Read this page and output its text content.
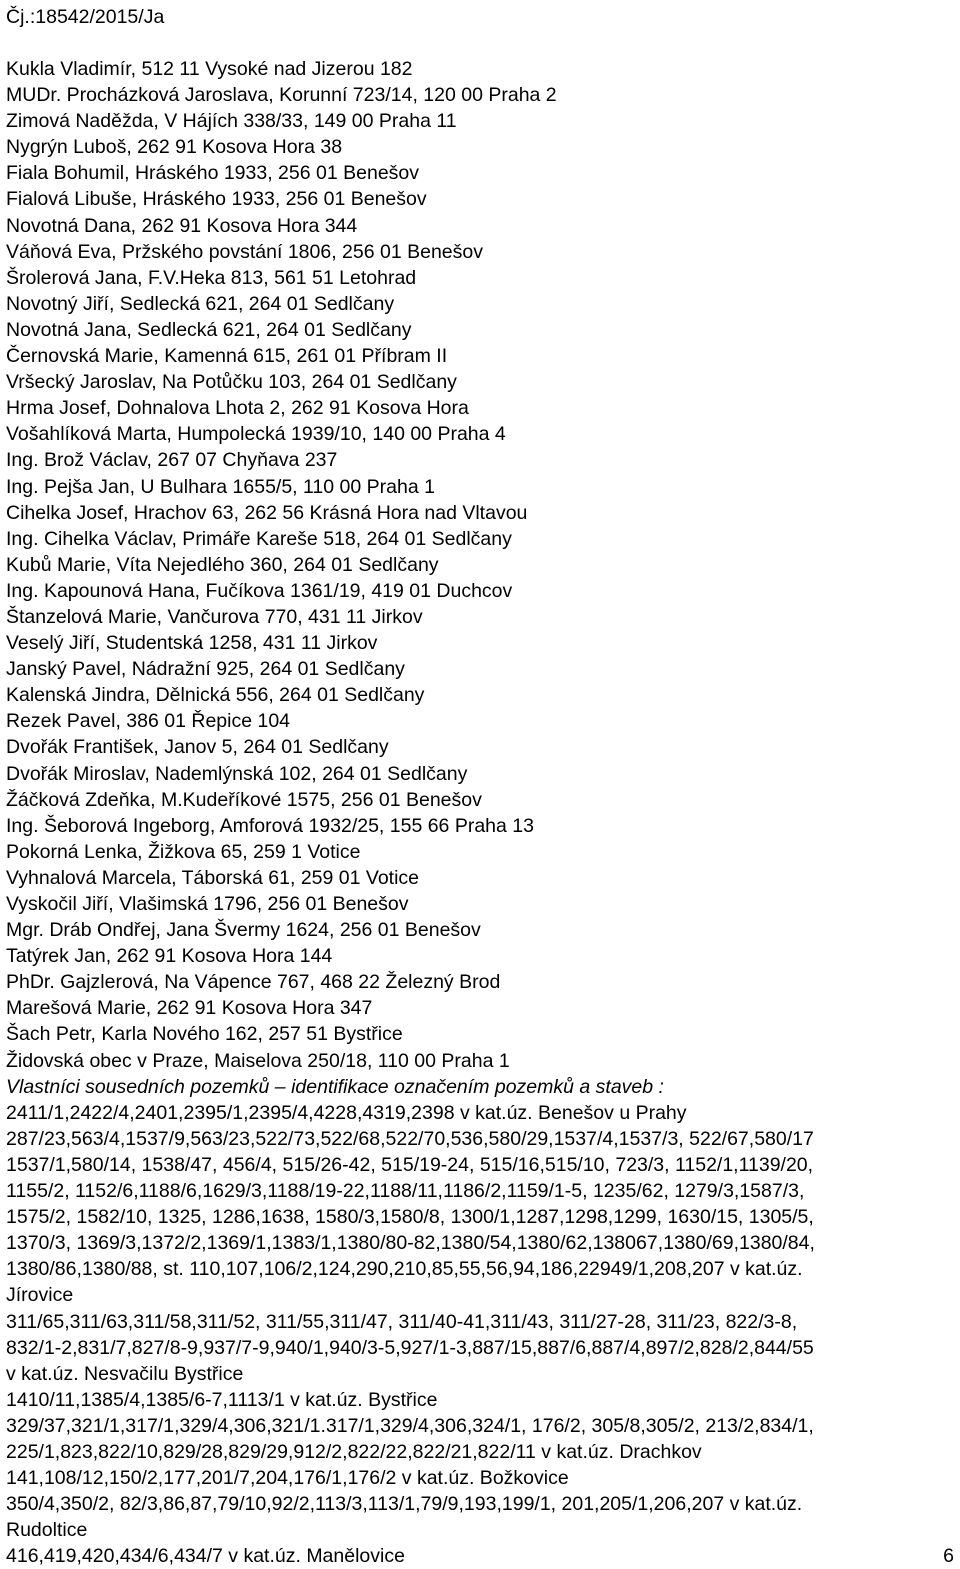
Čj.:18542/2015/Ja
Kukla Vladimír, 512 11 Vysoké nad Jizerou 182
MUDr. Procházková Jaroslava, Korunní 723/14, 120 00 Praha 2
Zimová Naděžda, V Hájích 338/33, 149 00 Praha 11
Nygrýn Luboš, 262 91 Kosova Hora 38
Fiala Bohumil, Hráského 1933, 256 01 Benešov
Fialová Libuše, Hráského 1933, 256 01 Benešov
Novotná Dana, 262 91 Kosova Hora 344
Váňová Eva, Pržského povstání 1806, 256 01 Benešov
Šrolerová Jana, F.V.Heka 813, 561 51 Letohrad
Novotný Jiří, Sedlecká 621, 264 01 Sedlčany
Novotná Jana, Sedlecká 621, 264 01 Sedlčany
Černovská Marie, Kamenná 615, 261 01 Příbram II
Vršecký Jaroslav, Na Potůčku 103, 264 01 Sedlčany
Hrma Josef, Dohnalova Lhota 2, 262 91 Kosova Hora
Vošahlíková Marta, Humpolecká 1939/10, 140 00 Praha 4
Ing. Brož Václav, 267 07 Chyňava 237
Ing. Pejša Jan, U Bulhara 1655/5, 110 00 Praha 1
Cihelka Josef, Hrachov 63, 262 56 Krásná Hora nad Vltavou
Ing. Cihelka Václav, Primáře Kareše 518, 264 01 Sedlčany
Kubů Marie, Víta Nejedlého 360, 264 01 Sedlčany
Ing. Kapounová Hana, Fučíkova 1361/19, 419 01 Duchcov
Štanzelová Marie, Vančurova 770, 431 11 Jirkov
Veselý Jiří, Studentská 1258, 431 11 Jirkov
Janský Pavel, Nádražní 925, 264 01 Sedlčany
Kalenská Jindra, Dělnická 556, 264 01 Sedlčany
Rezek Pavel, 386 01 Řepice 104
Dvořák František, Janov 5, 264 01 Sedlčany
Dvořák Miroslav, Nademlýnská 102, 264 01 Sedlčany
Žáčková Zdeňka, M.Kudeříkové 1575, 256 01 Benešov
Ing. Šeborová Ingeborg, Amforová 1932/25, 155 66 Praha 13
Pokorná Lenka, Žižkova 65, 259 1 Votice
Vyhnalová Marcela, Táborská 61, 259 01 Votice
Vyskočil Jiří, Vlašimská 1796, 256 01 Benešov
Mgr. Dráb Ondřej, Jana Švermy 1624, 256 01 Benešov
Tatýrek Jan, 262 91 Kosova Hora 144
PhDr. Gajzlerová, Na Vápence 767, 468 22 Železný Brod
Marešová Marie, 262 91 Kosova Hora 347
Šach Petr, Karla Nového 162, 257 51 Bystřice
Židovská obec v Praze, Maiselova 250/18, 110 00 Praha 1
Vlastníci sousedních pozemků – identifikace označením pozemků a staveb :
2411/1,2422/4,2401,2395/1,2395/4,4228,4319,2398 v kat.úz. Benešov u Prahy
287/23,563/4,1537/9,563/23,522/73,522/68,522/70,536,580/29,1537/4,1537/3, 522/67,580/17
1537/1,580/14, 1538/47, 456/4, 515/26-42, 515/19-24, 515/16,515/10, 723/3, 1152/1,1139/20,
1155/2, 1152/6,1188/6,1629/3,1188/19-22,1188/11,1186/2,1159/1-5, 1235/62, 1279/3,1587/3,
1575/2, 1582/10, 1325, 1286,1638, 1580/3,1580/8, 1300/1,1287,1298,1299, 1630/15, 1305/5,
1370/3, 1369/3,1372/2,1369/1,1383/1,1380/80-82,1380/54,1380/62,138067,1380/69,1380/84,
1380/86,1380/88, st. 110,107,106/2,124,290,210,85,55,56,94,186,22949/1,208,207 v kat.úz.
Jírovice
311/65,311/63,311/58,311/52, 311/55,311/47, 311/40-41,311/43, 311/27-28, 311/23, 822/3-8,
832/1-2,831/7,827/8-9,937/7-9,940/1,940/3-5,927/1-3,887/15,887/6,887/4,897/2,828/2,844/55
v kat.úz. Nesvačilu Bystřice
1410/11,1385/4,1385/6-7,1113/1 v kat.úz. Bystřice
329/37,321/1,317/1,329/4,306,321/1.317/1,329/4,306,324/1, 176/2, 305/8,305/2, 213/2,834/1,
225/1,823,822/10,829/28,829/29,912/2,822/22,822/21,822/11 v kat.úz. Drachkov
141,108/12,150/2,177,201/7,204,176/1,176/2 v kat.úz. Božkovice
350/4,350/2, 82/3,86,87,79/10,92/2,113/3,113/1,79/9,193,199/1, 201,205/1,206,207 v kat.úz.
Rudoltice
416,419,420,434/6,434/7 v kat.úz. Manělovice	6
